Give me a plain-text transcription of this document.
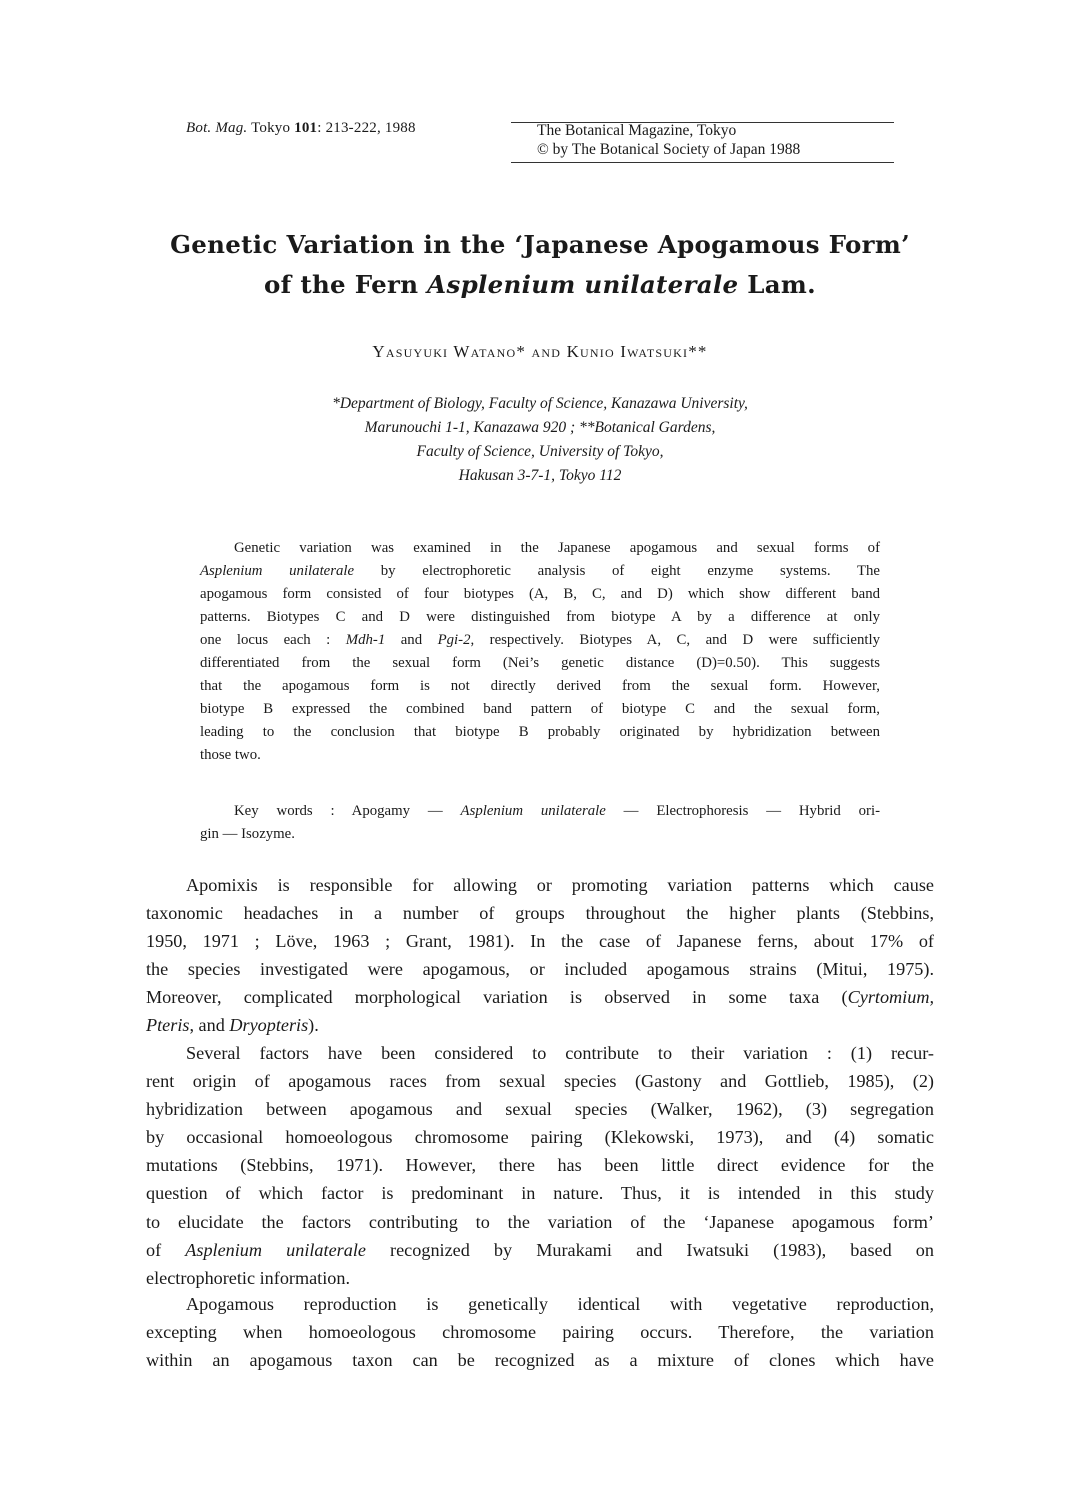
Bot. Mag. Tokyo 101: 213-222, 1988	The Botanical Magazine, Tokyo
© by The Botanical Society of Japan 1988
Genetic Variation in the ‘Japanese Apogamous Form’
of the Fern Asplenium unilaterale Lam.
Yasuyuki Watano* and Kunio Iwatsuki**
*Department of Biology, Faculty of Science, Kanazawa University,
Marunouchi 1-1, Kanazawa 920 ; **Botanical Gardens,
Faculty of Science, University of Tokyo,
Hakusan 3-7-1, Tokyo 112
Genetic variation was examined in the Japanese apogamous and sexual forms of
Asplenium unilaterale by electrophoretic analysis of eight enzyme systems. The
apogamous form consisted of four biotypes (A, B, C, and D) which show different band
patterns. Biotypes C and D were distinguished from biotype A by a difference at only
one locus each : Mdh-1 and Pgi-2, respectively. Biotypes A, C, and D were sufficiently
differentiated from the sexual form (Nei’s genetic distance (D)=0.50). This suggests
that the apogamous form is not directly derived from the sexual form. However,
biotype B expressed the combined band pattern of biotype C and the sexual form,
leading to the conclusion that biotype B probably originated by hybridization between
those two.
Key words : Apogamy — Asplenium unilaterale — Electrophoresis — Hybrid ori-
gin — Isozyme.
Apomixis is responsible for allowing or promoting variation patterns which cause
taxonomic headaches in a number of groups throughout the higher plants (Stebbins,
1950, 1971 ; Löve, 1963 ; Grant, 1981). In the case of Japanese ferns, about 17% of
the species investigated were apogamous, or included apogamous strains (Mitui, 1975).
Moreover, complicated morphological variation is observed in some taxa (Cyrtomium,
Pteris, and Dryopteris).
Several factors have been considered to contribute to their variation : (1) recur-
rent origin of apogamous races from sexual species (Gastony and Gottlieb, 1985), (2)
hybridization between apogamous and sexual species (Walker, 1962), (3) segregation
by occasional homoeologous chromosome pairing (Klekowski, 1973), and (4) somatic
mutations (Stebbins, 1971). However, there has been little direct evidence for the
question of which factor is predominant in nature. Thus, it is intended in this study
to elucidate the factors contributing to the variation of the ‘Japanese apogamous form’
of Asplenium unilaterale recognized by Murakami and Iwatsuki (1983), based on
electrophoretic information.
Apogamous reproduction is genetically identical with vegetative reproduction,
excepting when homoeologous chromosome pairing occurs. Therefore, the variation
within an apogamous taxon can be recognized as a mixture of clones which have
